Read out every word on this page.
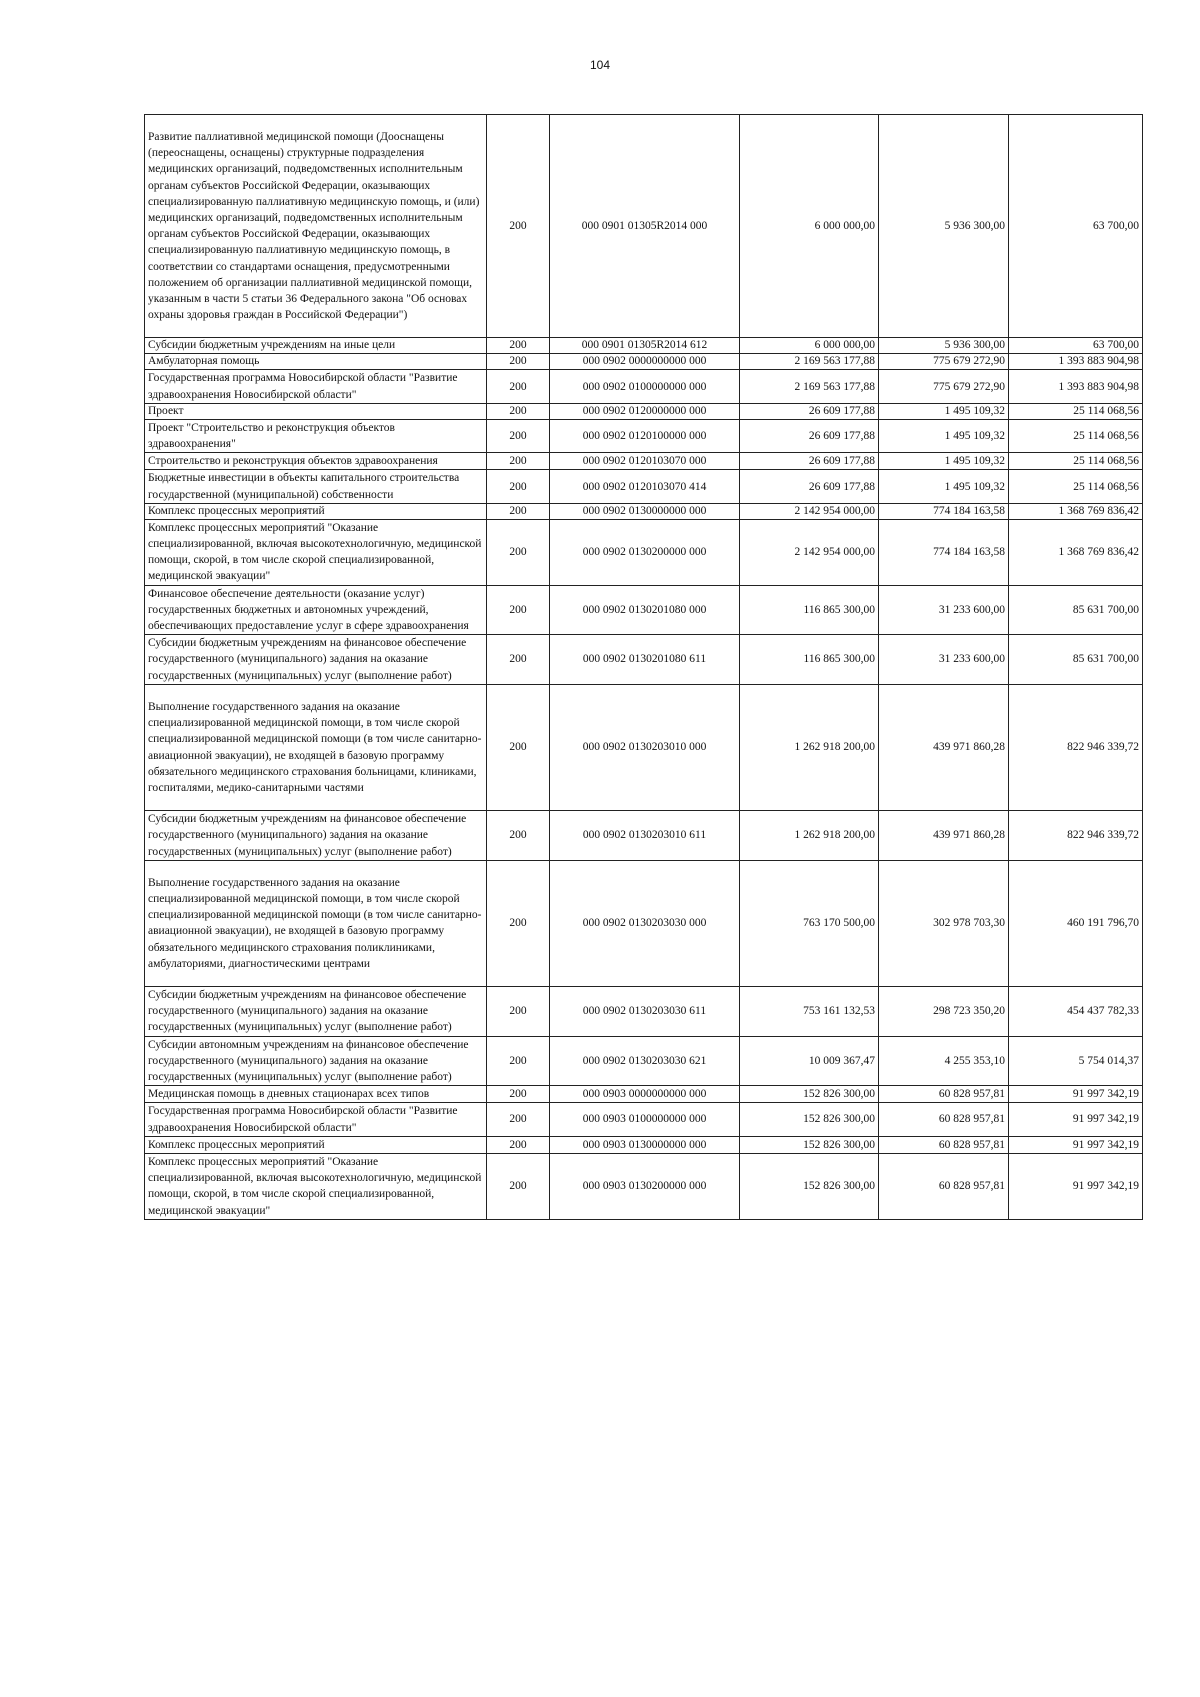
104
Развитие паллиативной медицинской помощи (Дооснащены (переоснащены, оснащены) структурные подразделения медицинских организаций, подведомственных исполнительным органам субъектов Российской Федерации, оказывающих специализированную паллиативную медицинскую помощь, и (или) медицинских организаций, подведомственных исполнительным органам субъектов Российской Федерации, оказывающих специализированную паллиативную медицинскую помощь, в соответствии со стандартами оснащения, предусмотренными положением об организации паллиативной медицинской помощи, указанным в части 5 статьи 36 Федерального закона "Об основах охраны здоровья граждан в Российской Федерации")	200	000 0901 01305R2014 000	6 000 000,00	5 936 300,00	63 700,00
Субсидии бюджетным учреждениям на иные цели	200	000 0901 01305R2014 612	6 000 000,00	5 936 300,00	63 700,00
Амбулаторная помощь	200	000 0902 0000000000 000	2 169 563 177,88	775 679 272,90	1 393 883 904,98
Государственная программа Новосибирской области "Развитие здравоохранения Новосибирской области"	200	000 0902 0100000000 000	2 169 563 177,88	775 679 272,90	1 393 883 904,98
Проект	200	000 0902 0120000000 000	26 609 177,88	1 495 109,32	25 114 068,56
Проект "Строительство и реконструкция объектов здравоохранения"	200	000 0902 0120100000 000	26 609 177,88	1 495 109,32	25 114 068,56
Строительство и реконструкция объектов здравоохранения	200	000 0902 0120103070 000	26 609 177,88	1 495 109,32	25 114 068,56
Бюджетные инвестиции в объекты капитального строительства государственной (муниципальной) собственности	200	000 0902 0120103070 414	26 609 177,88	1 495 109,32	25 114 068,56
Комплекс процессных мероприятий	200	000 0902 0130000000 000	2 142 954 000,00	774 184 163,58	1 368 769 836,42
Комплекс процессных мероприятий "Оказание специализированной, включая высокотехнологичную, медицинской помощи, скорой, в том числе скорой специализированной, медицинской эвакуации"	200	000 0902 0130200000 000	2 142 954 000,00	774 184 163,58	1 368 769 836,42
Финансовое обеспечение деятельности (оказание услуг) государственных бюджетных и автономных учреждений, обеспечивающих предоставление услуг в сфере здравоохранения	200	000 0902 0130201080 000	116 865 300,00	31 233 600,00	85 631 700,00
Субсидии бюджетным учреждениям на финансовое обеспечение государственного (муниципального) задания на оказание государственных (муниципальных) услуг (выполнение работ)	200	000 0902 0130201080 611	116 865 300,00	31 233 600,00	85 631 700,00
Выполнение государственного задания на оказание специализированной медицинской помощи, в том числе скорой специализированной медицинской помощи (в том числе санитарно-авиационной эвакуации), не входящей в базовую программу обязательного медицинского страхования больницами, клиниками, госпиталями, медико-санитарными частями	200	000 0902 0130203010 000	1 262 918 200,00	439 971 860,28	822 946 339,72
Субсидии бюджетным учреждениям на финансовое обеспечение государственного (муниципального) задания на оказание государственных (муниципальных) услуг (выполнение работ)	200	000 0902 0130203010 611	1 262 918 200,00	439 971 860,28	822 946 339,72
Выполнение государственного задания на оказание специализированной медицинской помощи, в том числе скорой специализированной медицинской помощи (в том числе санитарно-авиационной эвакуации), не входящей в базовую программу обязательного медицинского страхования поликлиниками, амбулаториями, диагностическими центрами	200	000 0902 0130203030 000	763 170 500,00	302 978 703,30	460 191 796,70
Субсидии бюджетным учреждениям на финансовое обеспечение государственного (муниципального) задания на оказание государственных (муниципальных) услуг (выполнение работ)	200	000 0902 0130203030 611	753 161 132,53	298 723 350,20	454 437 782,33
Субсидии автономным учреждениям на финансовое обеспечение государственного (муниципального) задания на оказание государственных (муниципальных) услуг (выполнение работ)	200	000 0902 0130203030 621	10 009 367,47	4 255 353,10	5 754 014,37
Медицинская помощь в дневных стационарах всех типов	200	000 0903 0000000000 000	152 826 300,00	60 828 957,81	91 997 342,19
Государственная программа Новосибирской области "Развитие здравоохранения Новосибирской области"	200	000 0903 0100000000 000	152 826 300,00	60 828 957,81	91 997 342,19
Комплекс процессных мероприятий	200	000 0903 0130000000 000	152 826 300,00	60 828 957,81	91 997 342,19
Комплекс процессных мероприятий "Оказание специализированной, включая высокотехнологичную, медицинской помощи, скорой, в том числе скорой специализированной, медицинской эвакуации"	200	000 0903 0130200000 000	152 826 300,00	60 828 957,81	91 997 342,19
